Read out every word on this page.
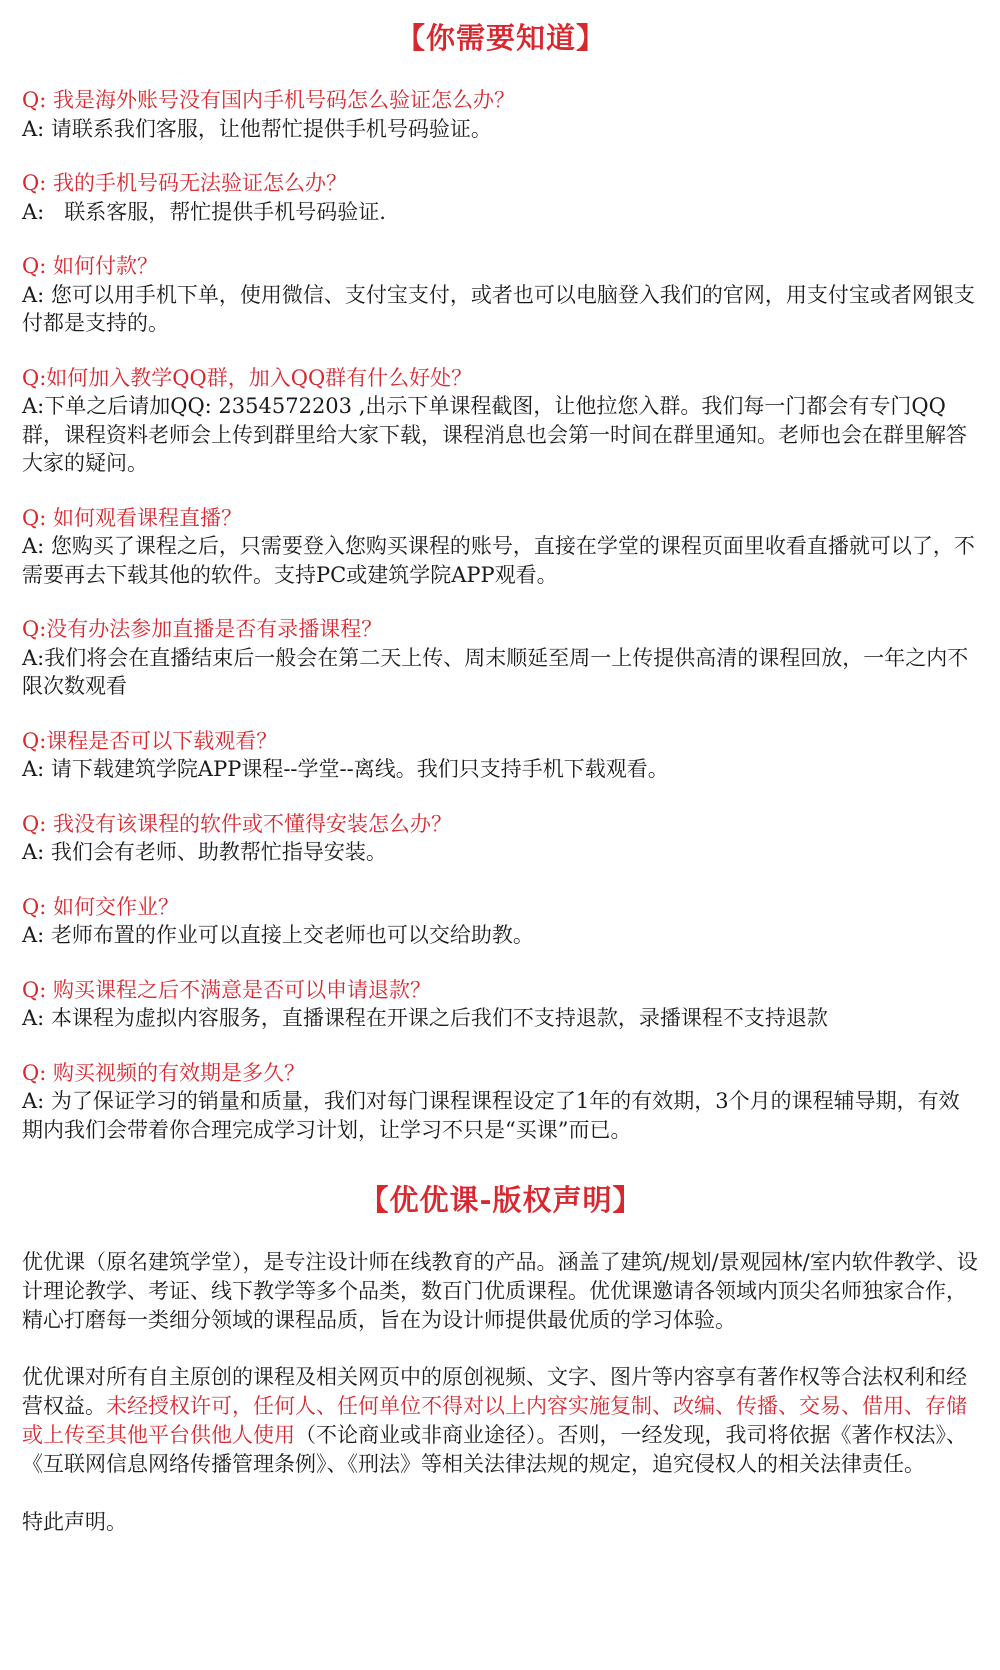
【你需要知道】

Q: 我是海外账号没有国内手机号码怎么验证怎么办？

A: 请联系我们客服，让他帮忙提供手机号码验证。

Q: 我的手机号码无法验证怎么办？

A:   联系客服，帮忙提供手机号码验证.

Q: 如何付款？

A: 您可以用手机下单，使用微信、支付宝支付，或者也可以电脑登入我们的官网，用支付宝或者网银支付都是支持的。

Q:如何加入教学QQ群，加入QQ群有什么好处？

A:下单之后请加QQ: 2354572203 ,出示下单课程截图，让他拉您入群。我们每一门都会有专门QQ群，课程资料老师会上传到群里给大家下载，课程消息也会第一时间在群里通知。老师也会在群里解答大家的疑问。

Q: 如何观看课程直播？

A: 您购买了课程之后，只需要登入您购买课程的账号，直接在学堂的课程页面里收看直播就可以了，不需要再去下载其他的软件。支持PC或建筑学院APP观看。

Q:没有办法参加直播是否有录播课程？

A:我们将会在直播结束后一般会在第二天上传、周末顺延至周一上传提供高清的课程回放，一年之内不限次数观看

Q:课程是否可以下载观看？

A: 请下载建筑学院APP课程--学堂--离线。我们只支持手机下载观看。

Q: 我没有该课程的软件或不懂得安装怎么办？

A: 我们会有老师、助教帮忙指导安装。

Q: 如何交作业？

A: 老师布置的作业可以直接上交老师也可以交给助教。

Q: 购买课程之后不满意是否可以申请退款？

A: 本课程为虚拟内容服务，直播课程在开课之后我们不支持退款，录播课程不支持退款

Q: 购买视频的有效期是多久？

A: 为了保证学习的销量和质量，我们对每门课程课程设定了1年的有效期，3个月的课程辅导期，有效期内我们会带着你合理完成学习计划，让学习不只是“买课”而已。

【优优课-版权声明】

优优课（原名建筑学堂），是专注设计师在线教育的产品。涵盖了建筑/规划/景观园林/室内软件教学、设计理论教学、考证、线下教学等多个品类，数百门优质课程。优优课邀请各领域内顶尖名师独家合作，精心打磨每一类细分领域的课程品质，旨在为设计师提供最优质的学习体验。

优优课对所有自主原创的课程及相关网页中的原创视频、文字、图片等内容享有著作权等合法权利和经营权益。未经授权许可，任何人、任何单位不得对以上内容实施复制、改编、传播、交易、借用、存储或上传至其他平台供他人使用（不论商业或非商业途径）。否则，一经发现，我司将依据《著作权法》、《互联网信息网络传播管理条例》、《刑法》等相关法律法规的规定，追究侵权人的相关法律责任。

特此声明。
